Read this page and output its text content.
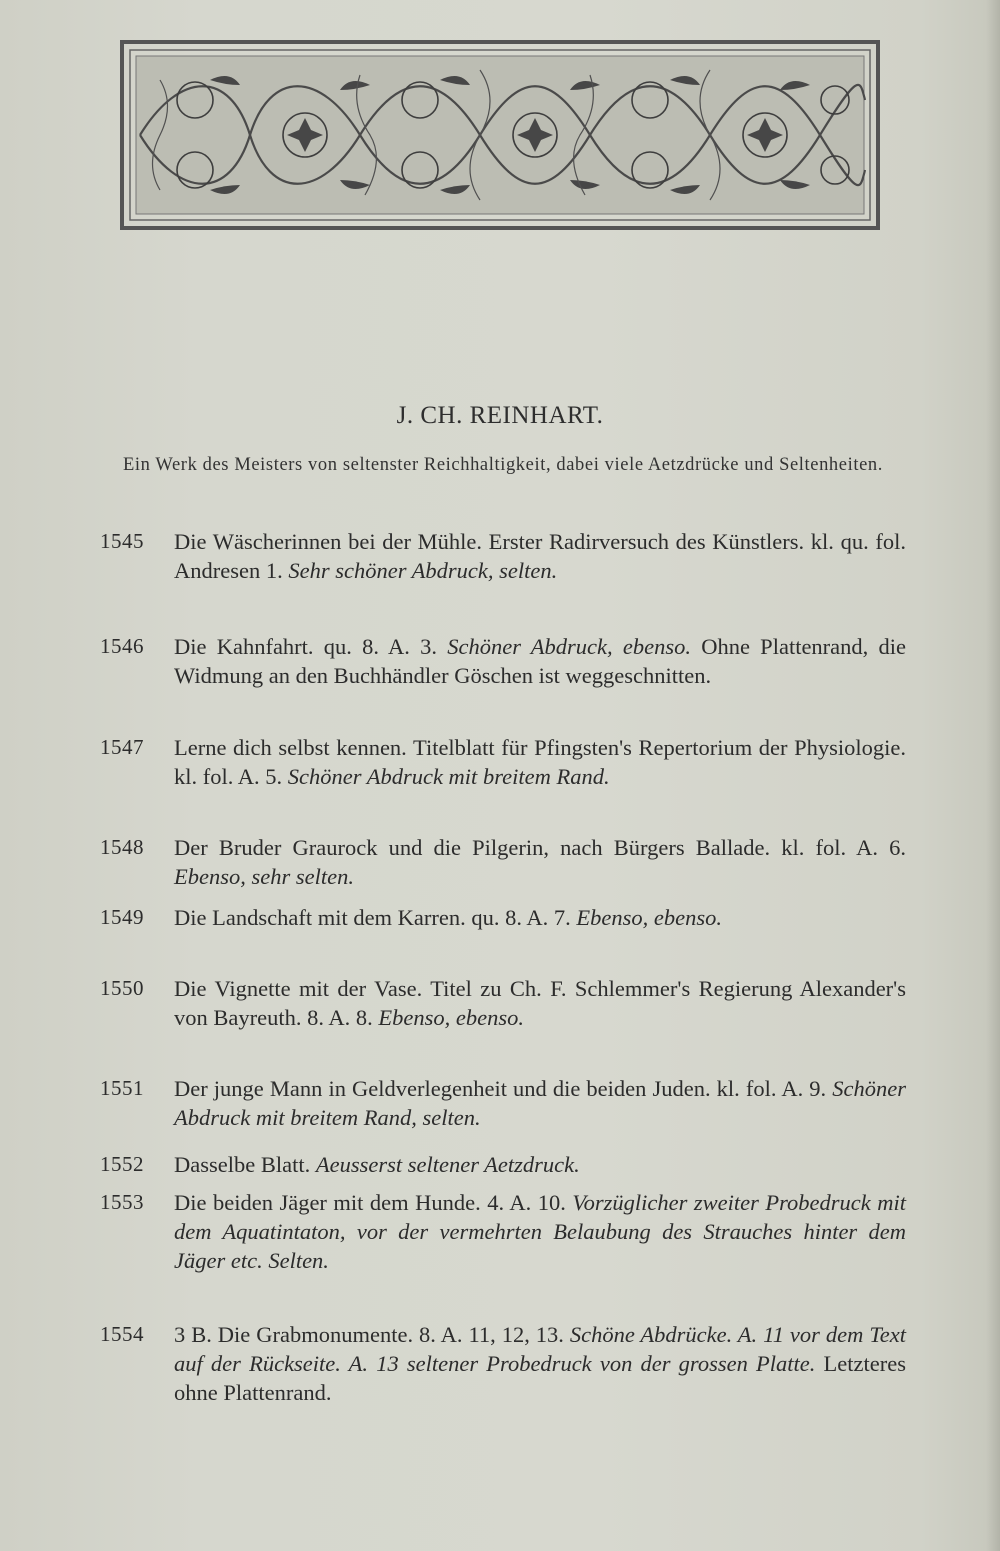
J. CH. REINHART.
Ein Werk des Meisters von seltenster Reichhaltigkeit, dabei viele Aetzdrücke und Seltenheiten.
1545	Die Wäscherinnen bei der Mühle. Erster Radirversuch des Künstlers. kl. qu. fol. Andresen 1. Sehr schöner Abdruck, selten.
1546	Die Kahnfahrt. qu. 8. A. 3. Schöner Abdruck, ebenso. Ohne Plattenrand, die Widmung an den Buchhändler Göschen ist weggeschnitten.
1547	Lerne dich selbst kennen. Titelblatt für Pfingsten's Repertorium der Physiologie. kl. fol. A. 5. Schöner Abdruck mit breitem Rand.
1548	Der Bruder Graurock und die Pilgerin, nach Bürgers Ballade. kl. fol. A. 6. Ebenso, sehr selten.
1549	Die Landschaft mit dem Karren. qu. 8. A. 7. Ebenso, ebenso.
1550	Die Vignette mit der Vase. Titel zu Ch. F. Schlemmer's Regierung Alexander's von Bayreuth. 8. A. 8. Ebenso, ebenso.
1551	Der junge Mann in Geldverlegenheit und die beiden Juden. kl. fol. A. 9. Schöner Abdruck mit breitem Rand, selten.
1552	Dasselbe Blatt. Aeusserst seltener Aetzdruck.
1553	Die beiden Jäger mit dem Hunde. 4. A. 10. Vorzüglicher zweiter Probedruck mit dem Aquatintaton, vor der vermehrten Belaubung des Strauches hinter dem Jäger etc. Selten.
1554	3 B. Die Grabmonumente. 8. A. 11, 12, 13. Schöne Abdrücke. A. 11 vor dem Text auf der Rückseite. A. 13 seltener Probedruck von der grossen Platte. Letzteres ohne Plattenrand.
